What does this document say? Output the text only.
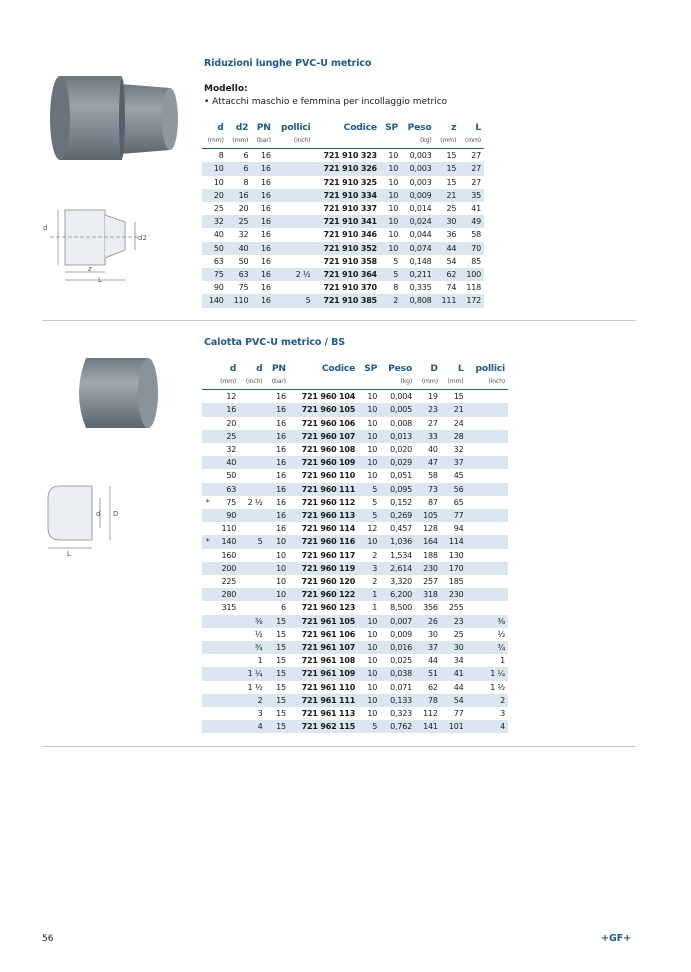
Riduzioni lunghe PVC-U metrico
d
d2
z
L
Modello:
• Attacchi maschio e femmina per incollaggio metrico
d	d2	PN	pollici	Codice	SP	Peso	z	L
(mm)	(mm)	(bar)	(inch)			(kg)	(mm)	(mm)
8	6	16		721 910 323	10	0,003	15	27
10	6	16		721 910 326	10	0,003	15	27
10	8	16		721 910 325	10	0,003	15	27
20	16	16		721 910 334	10	0,009	21	35
25	20	16		721 910 337	10	0,014	25	41
32	25	16		721 910 341	10	0,024	30	49
40	32	16		721 910 346	10	0,044	36	58
50	40	16		721 910 352	10	0,074	44	70
63	50	16		721 910 358	5	0,148	54	85
75	63	16	2 ½	721 910 364	5	0,211	62	100
90	75	16		721 910 370	8	0,335	74	118
140	110	16	5	721 910 385	2	0,808	111	172
Calotta PVC-U metrico / BS
d D
L
	d	d	PN	Codice	SP	Peso	D	L	pollici
	(mm)	(inch)	(bar)			(kg)	(mm)	(mm)	(inch)
	12		16	721 960 104	10	0,004	19	15	
	16		16	721 960 105	10	0,005	23	21	
	20		16	721 960 106	10	0,008	27	24	
	25		16	721 960 107	10	0,013	33	28	
	32		16	721 960 108	10	0,020	40	32	
	40		16	721 960 109	10	0,029	47	37	
	50		16	721 960 110	10	0,051	58	45	
	63		16	721 960 111	5	0,095	73	56	
*	75	2 ½	16	721 960 112	5	0,152	87	65	
	90		16	721 960 113	5	0,269	105	77	
	110		16	721 960 114	12	0,457	128	94	
*	140	5	10	721 960 116	10	1,036	164	114	
	160		10	721 960 117	2	1,534	188	130	
	200		10	721 960 119	3	2,614	230	170	
	225		10	721 960 120	2	3,320	257	185	
	280		10	721 960 122	1	6,200	318	230	
	315		6	721 960 123	1	8,500	356	255	
		⅜	15	721 961 105	10	0,007	26	23	⅜
		½	15	721 961 106	10	0,009	30	25	½
		¾	15	721 961 107	10	0,016	37	30	¾
		1	15	721 961 108	10	0,025	44	34	1
		1 ¼	15	721 961 109	10	0,038	51	41	1 ¼
		1 ½	15	721 961 110	10	0,071	62	44	1 ½
		2	15	721 961 111	10	0,133	78	54	2
		3	15	721 961 113	10	0,323	112	77	3
		4	15	721 962 115	5	0,762	141	101	4
56	+GF+
